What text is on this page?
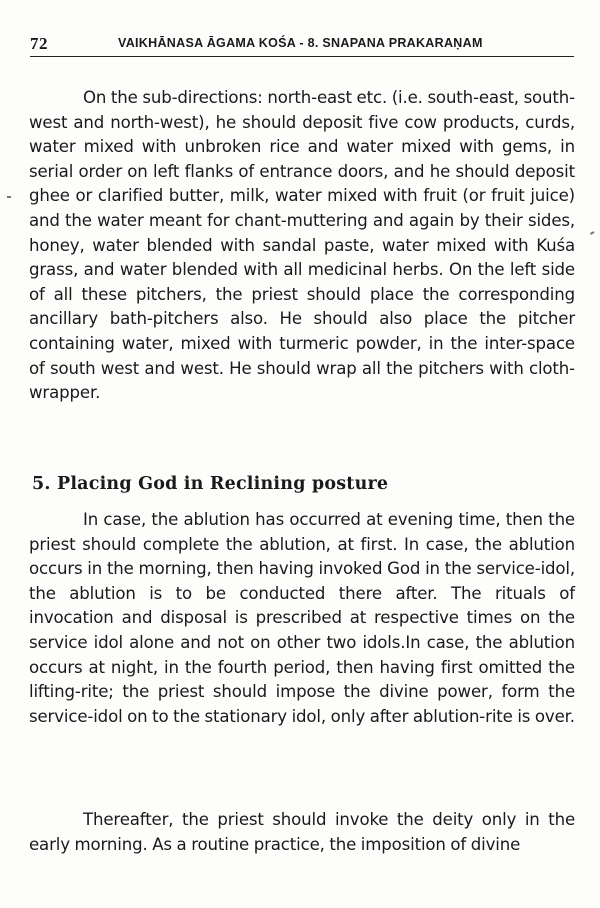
72	VAIKHĀNASA ĀGAMA KOŚA - 8. SNAPANA PRAKARAṆAM
On the sub-directions: north-east etc. (i.e. south-east, south-west and north-west), he should deposit five cow products, curds, water mixed with unbroken rice and water mixed with gems, in serial order on left flanks of entrance doors, and he should deposit ghee or clarified butter, milk, water mixed with fruit (or fruit juice) and the water meant for chant-muttering and again by their sides, honey, water blended with sandal paste, water mixed with Kuśa grass, and water blended with all medicinal herbs. On the left side of all these pitchers, the priest should place the corresponding ancillary bath-pitchers also. He should also place the pitcher containing water, mixed with turmeric powder, in the inter-space of south west and west. He should wrap all the pitchers with cloth-wrapper.
5. Placing God in Reclining posture
In case, the ablution has occurred at evening time, then the priest should complete the ablution, at first. In case, the ablution occurs in the morning, then having invoked God in the service-idol, the ablution is to be conducted there after. The rituals of invocation and disposal is prescribed at respective times on the service idol alone and not on other two idols.In case, the ablution occurs at night, in the fourth period, then having first omitted the lifting-rite; the priest should impose the divine power, form the service-idol on to the stationary idol, only after ablution-rite is over.
Thereafter, the priest should invoke the deity only in the early morning. As a routine practice, the imposition of divine
